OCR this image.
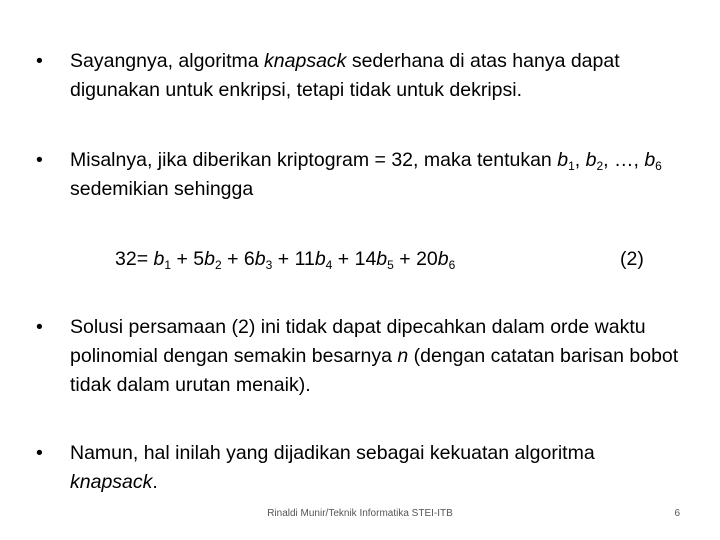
•	Sayangnya, algoritma knapsack sederhana di atas hanya dapat digunakan untuk enkripsi, tetapi tidak untuk dekripsi.
•	Misalnya, jika diberikan kriptogram = 32, maka tentukan $b_1$, $b_2$, …, $b_6$ sedemikian sehingga
$32= b_1 + 5b_2 + 6b_3 + 11b_4 + 14b_5 + 20b_6$	(2)
•	Solusi persamaan (2) ini tidak dapat dipecahkan dalam orde waktu polinomial dengan semakin besarnya n (dengan catatan barisan bobot tidak dalam urutan menaik).
•	Namun, hal inilah yang dijadikan sebagai kekuatan algoritma knapsack.
Rinaldi Munir/Teknik Informatika STEI-ITB	6
